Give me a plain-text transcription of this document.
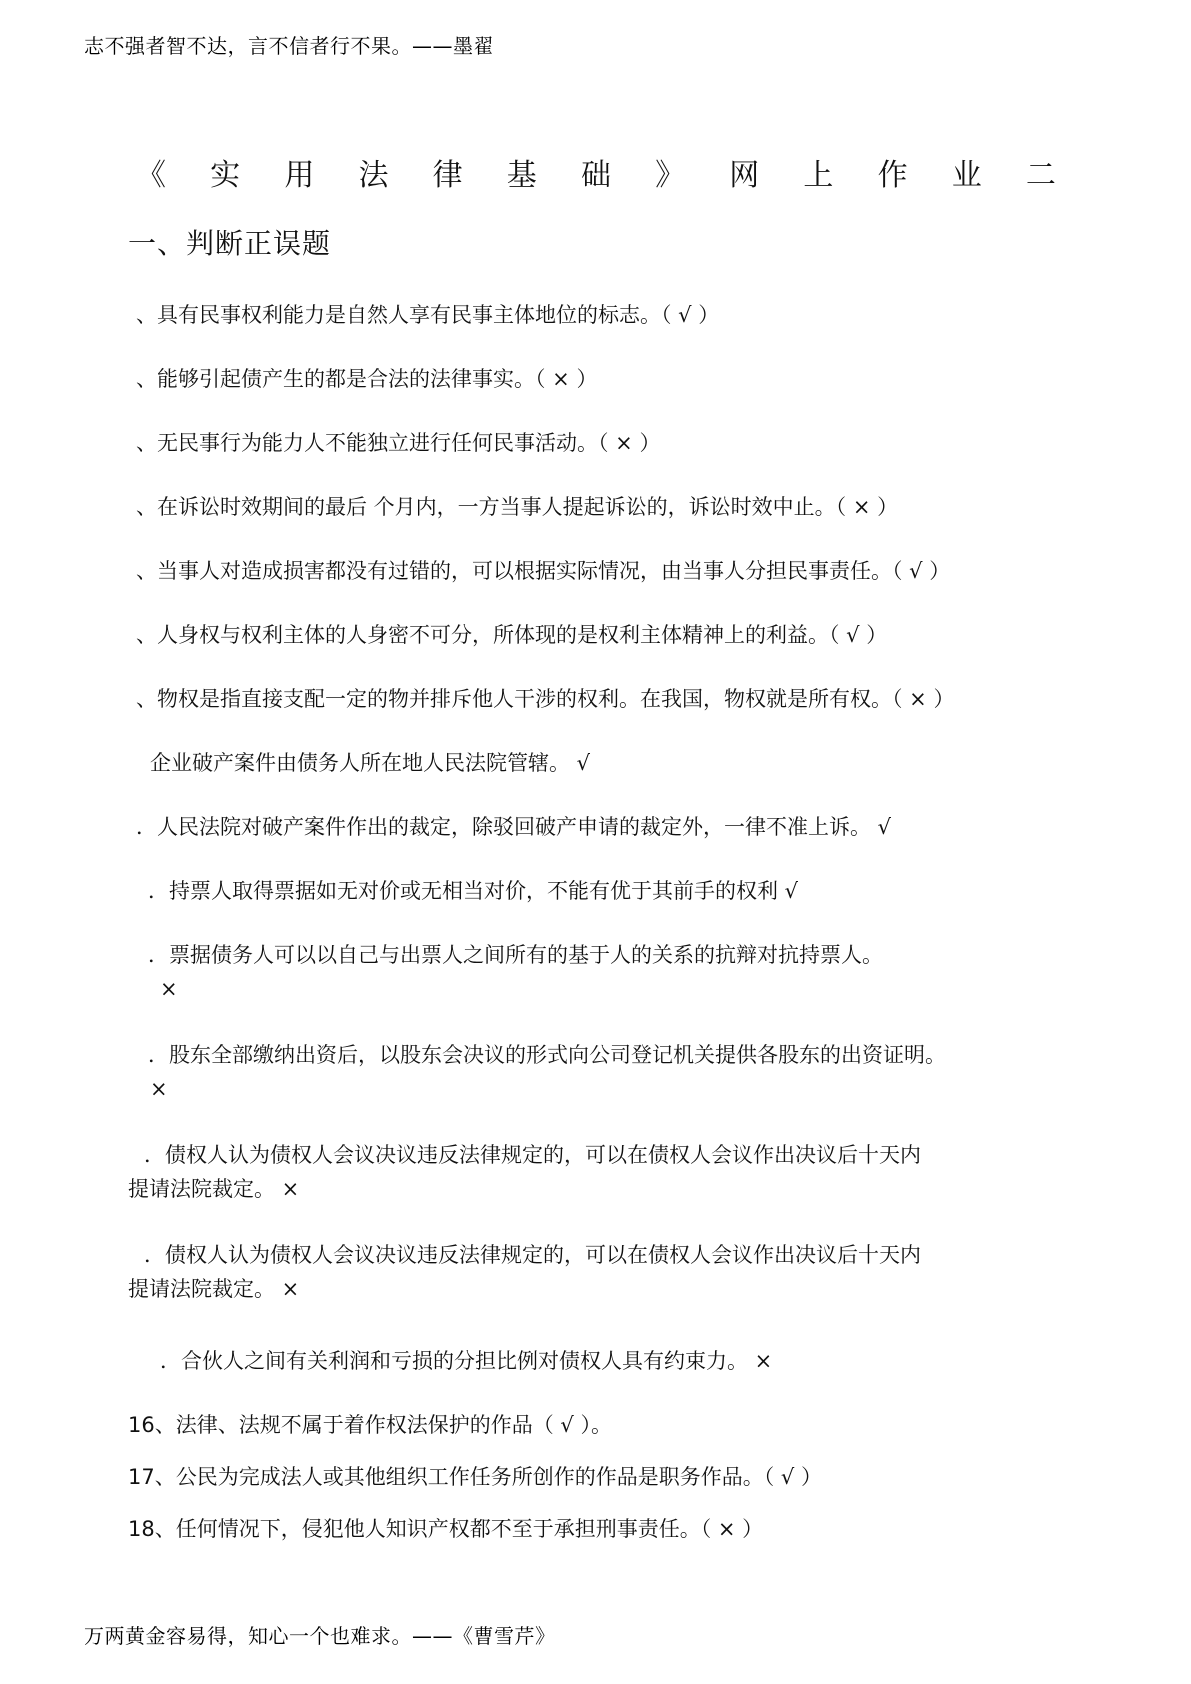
志不强者智不达，言不信者行不果。——墨翟
《 实 用 法 律 基 础 》 网 上 作 业 二
一、判断正误题
、具有民事权利能力是自然人享有民事主体地位的标志。（ √ ）
、能够引起债产生的都是合法的法律事实。（ × ）
、无民事行为能力人不能独立进行任何民事活动。（ × ）
、在诉讼时效期间的最后 个月内，一方当事人提起诉讼的，诉讼时效中止。（ × ）
、当事人对造成损害都没有过错的，可以根据实际情况，由当事人分担民事责任。（ √ ）
、人身权与权利主体的人身密不可分，所体现的是权利主体精神上的利益。（ √ ）
、物权是指直接支配一定的物并排斥他人干涉的权利。在我国，物权就是所有权。（ × ）
企业破产案件由债务人所在地人民法院管辖。 √
．人民法院对破产案件作出的裁定，除驳回破产申请的裁定外，一律不准上诉。 √
．持票人取得票据如无对价或无相当对价，不能有优于其前手的权利 √
．票据债务人可以以自己与出票人之间所有的基于人的关系的抗辩对抗持票人。
×
．股东全部缴纳出资后，以股东会决议的形式向公司登记机关提供各股东的出资证明。
×
．债权人认为债权人会议决议违反法律规定的，可以在债权人会议作出决议后十天内
提请法院裁定。 ×
．债权人认为债权人会议决议违反法律规定的，可以在债权人会议作出决议后十天内
提请法院裁定。 ×
．合伙人之间有关利润和亏损的分担比例对债权人具有约束力。 ×
16、法律、法规不属于着作权法保护的作品（ √ ）。
17、公民为完成法人或其他组织工作任务所创作的作品是职务作品。（ √ ）
18、任何情况下，侵犯他人知识产权都不至于承担刑事责任。（ × ）
万两黄金容易得，知心一个也难求。——《曹雪芹》
